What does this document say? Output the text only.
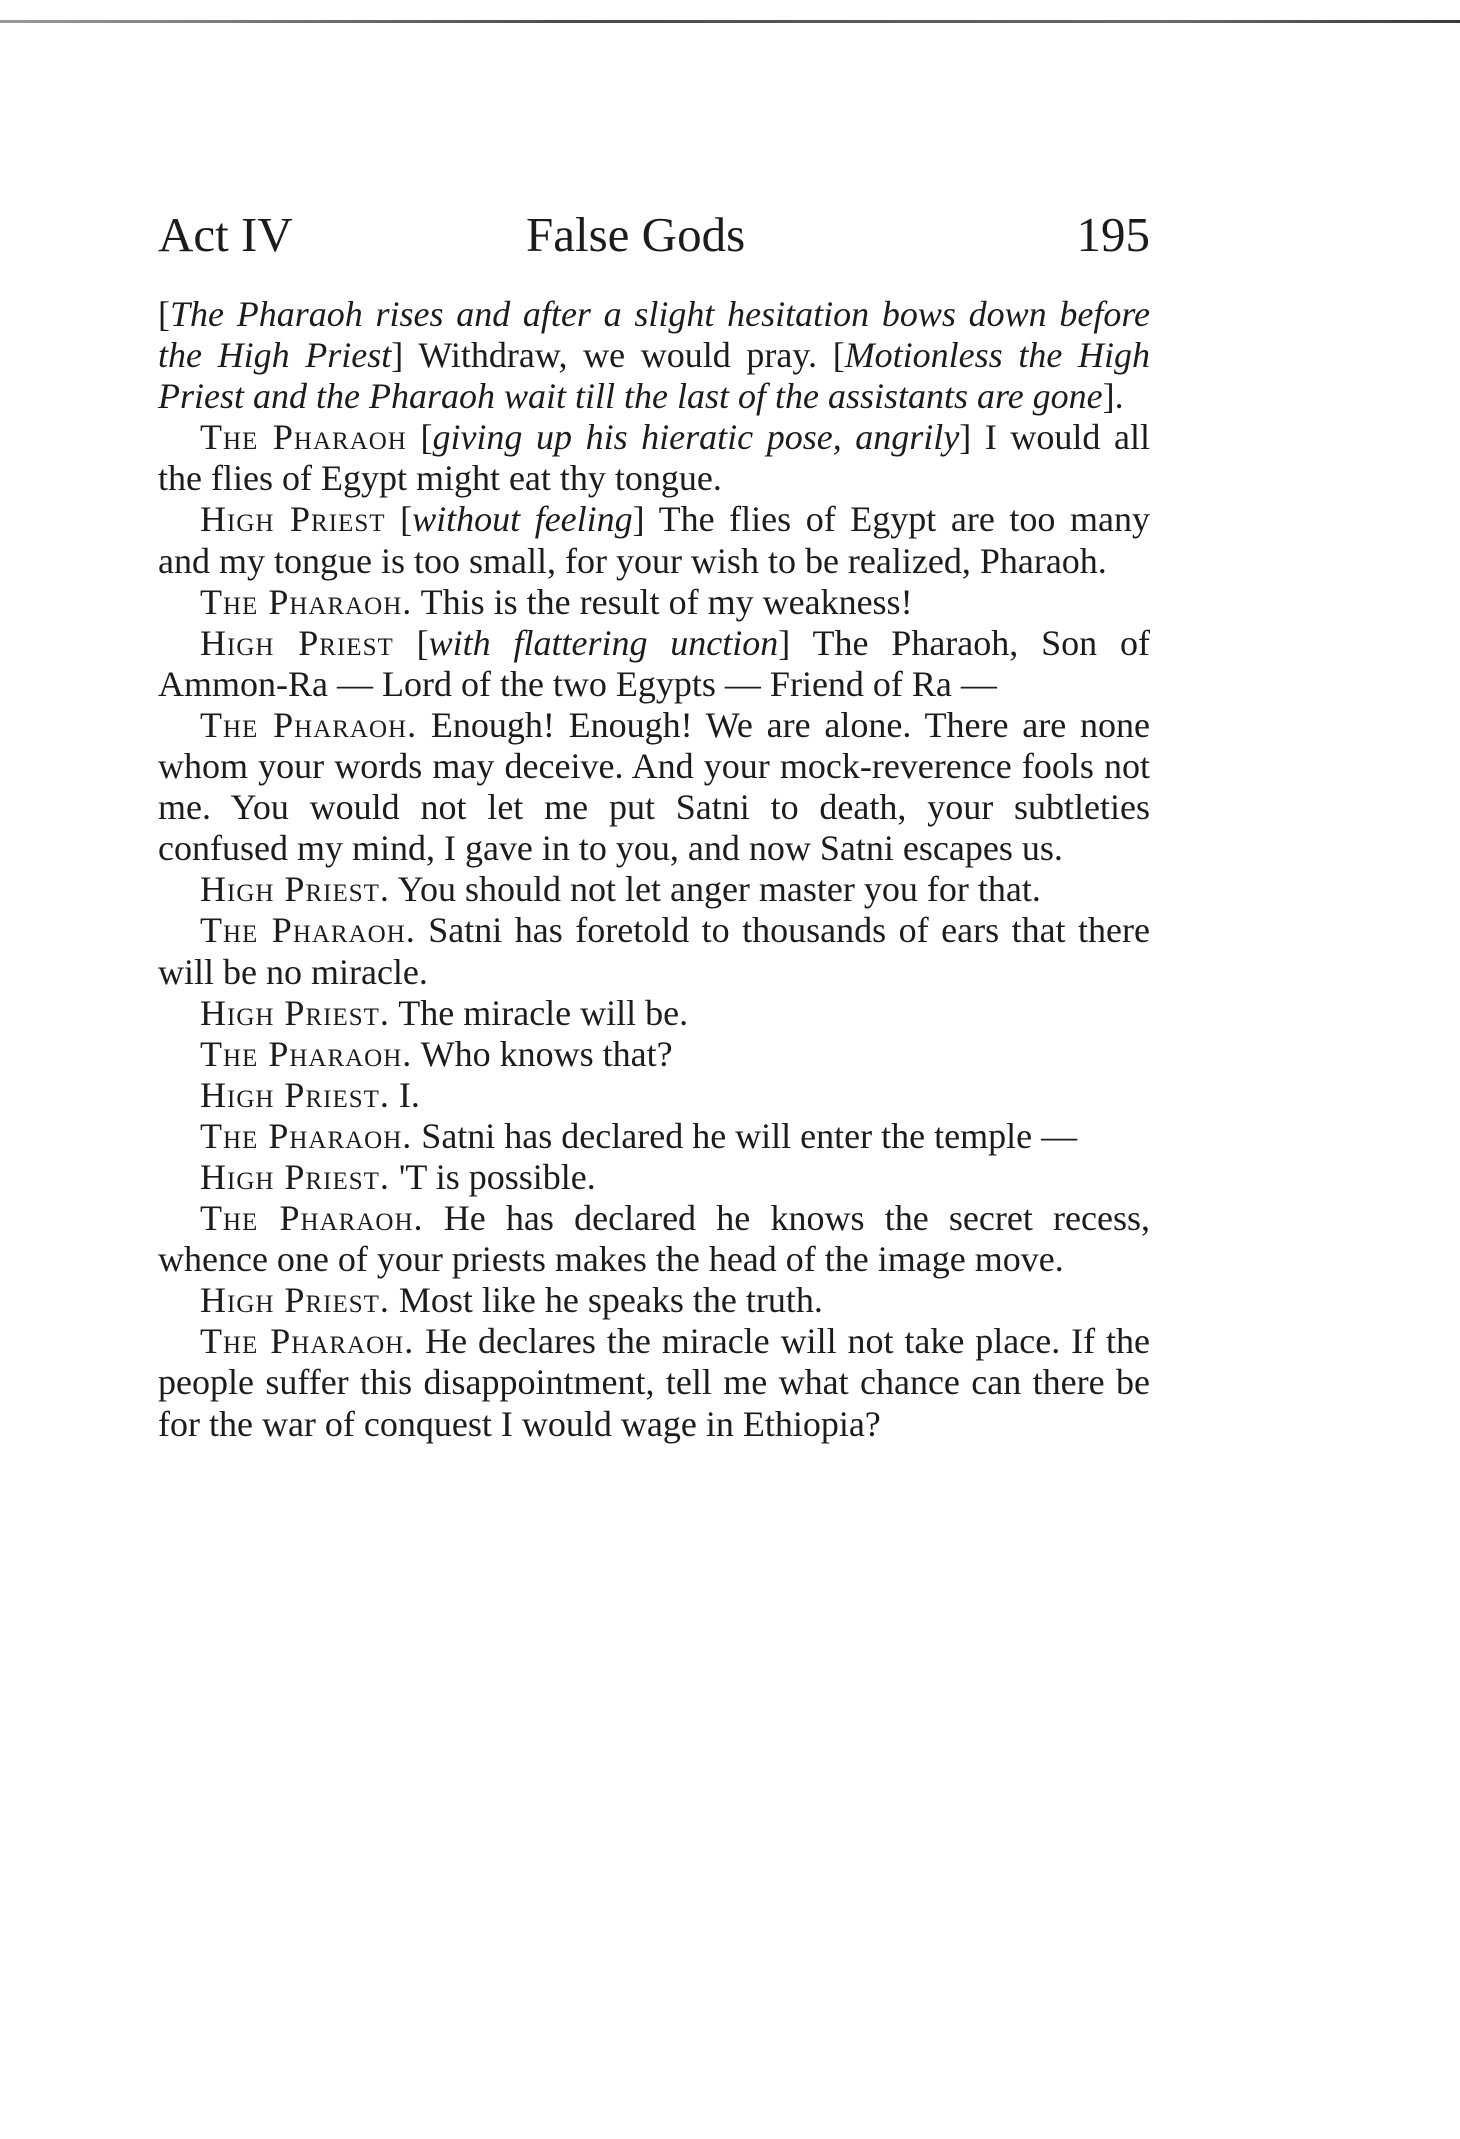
Act IV	False Gods	195

[The Pharaoh rises and after a slight hesitation bows down before the High Priest] Withdraw, we would pray. [Motionless the High Priest and the Pharaoh wait till the last of the assistants are gone].

The Pharaoh [giving up his hieratic pose, angrily] I would all the flies of Egypt might eat thy tongue.

High Priest [without feeling] The flies of Egypt are too many and my tongue is too small, for your wish to be realized, Pharaoh.

The Pharaoh. This is the result of my weakness!

High Priest [with flattering unction] The Pharaoh, Son of Ammon-Ra — Lord of the two Egypts — Friend of Ra —

The Pharaoh. Enough! Enough! We are alone. There are none whom your words may deceive. And your mock-reverence fools not me. You would not let me put Satni to death, your subtleties confused my mind, I gave in to you, and now Satni escapes us.

High Priest. You should not let anger master you for that.

The Pharaoh. Satni has foretold to thousands of ears that there will be no miracle.

High Priest. The miracle will be.

The Pharaoh. Who knows that?

High Priest. I.

The Pharaoh. Satni has declared he will enter the temple —

High Priest. 'T is possible.

The Pharaoh. He has declared he knows the secret recess, whence one of your priests makes the head of the image move.

High Priest. Most like he speaks the truth.

The Pharaoh. He declares the miracle will not take place. If the people suffer this disappointment, tell me what chance can there be for the war of conquest I would wage in Ethiopia?
